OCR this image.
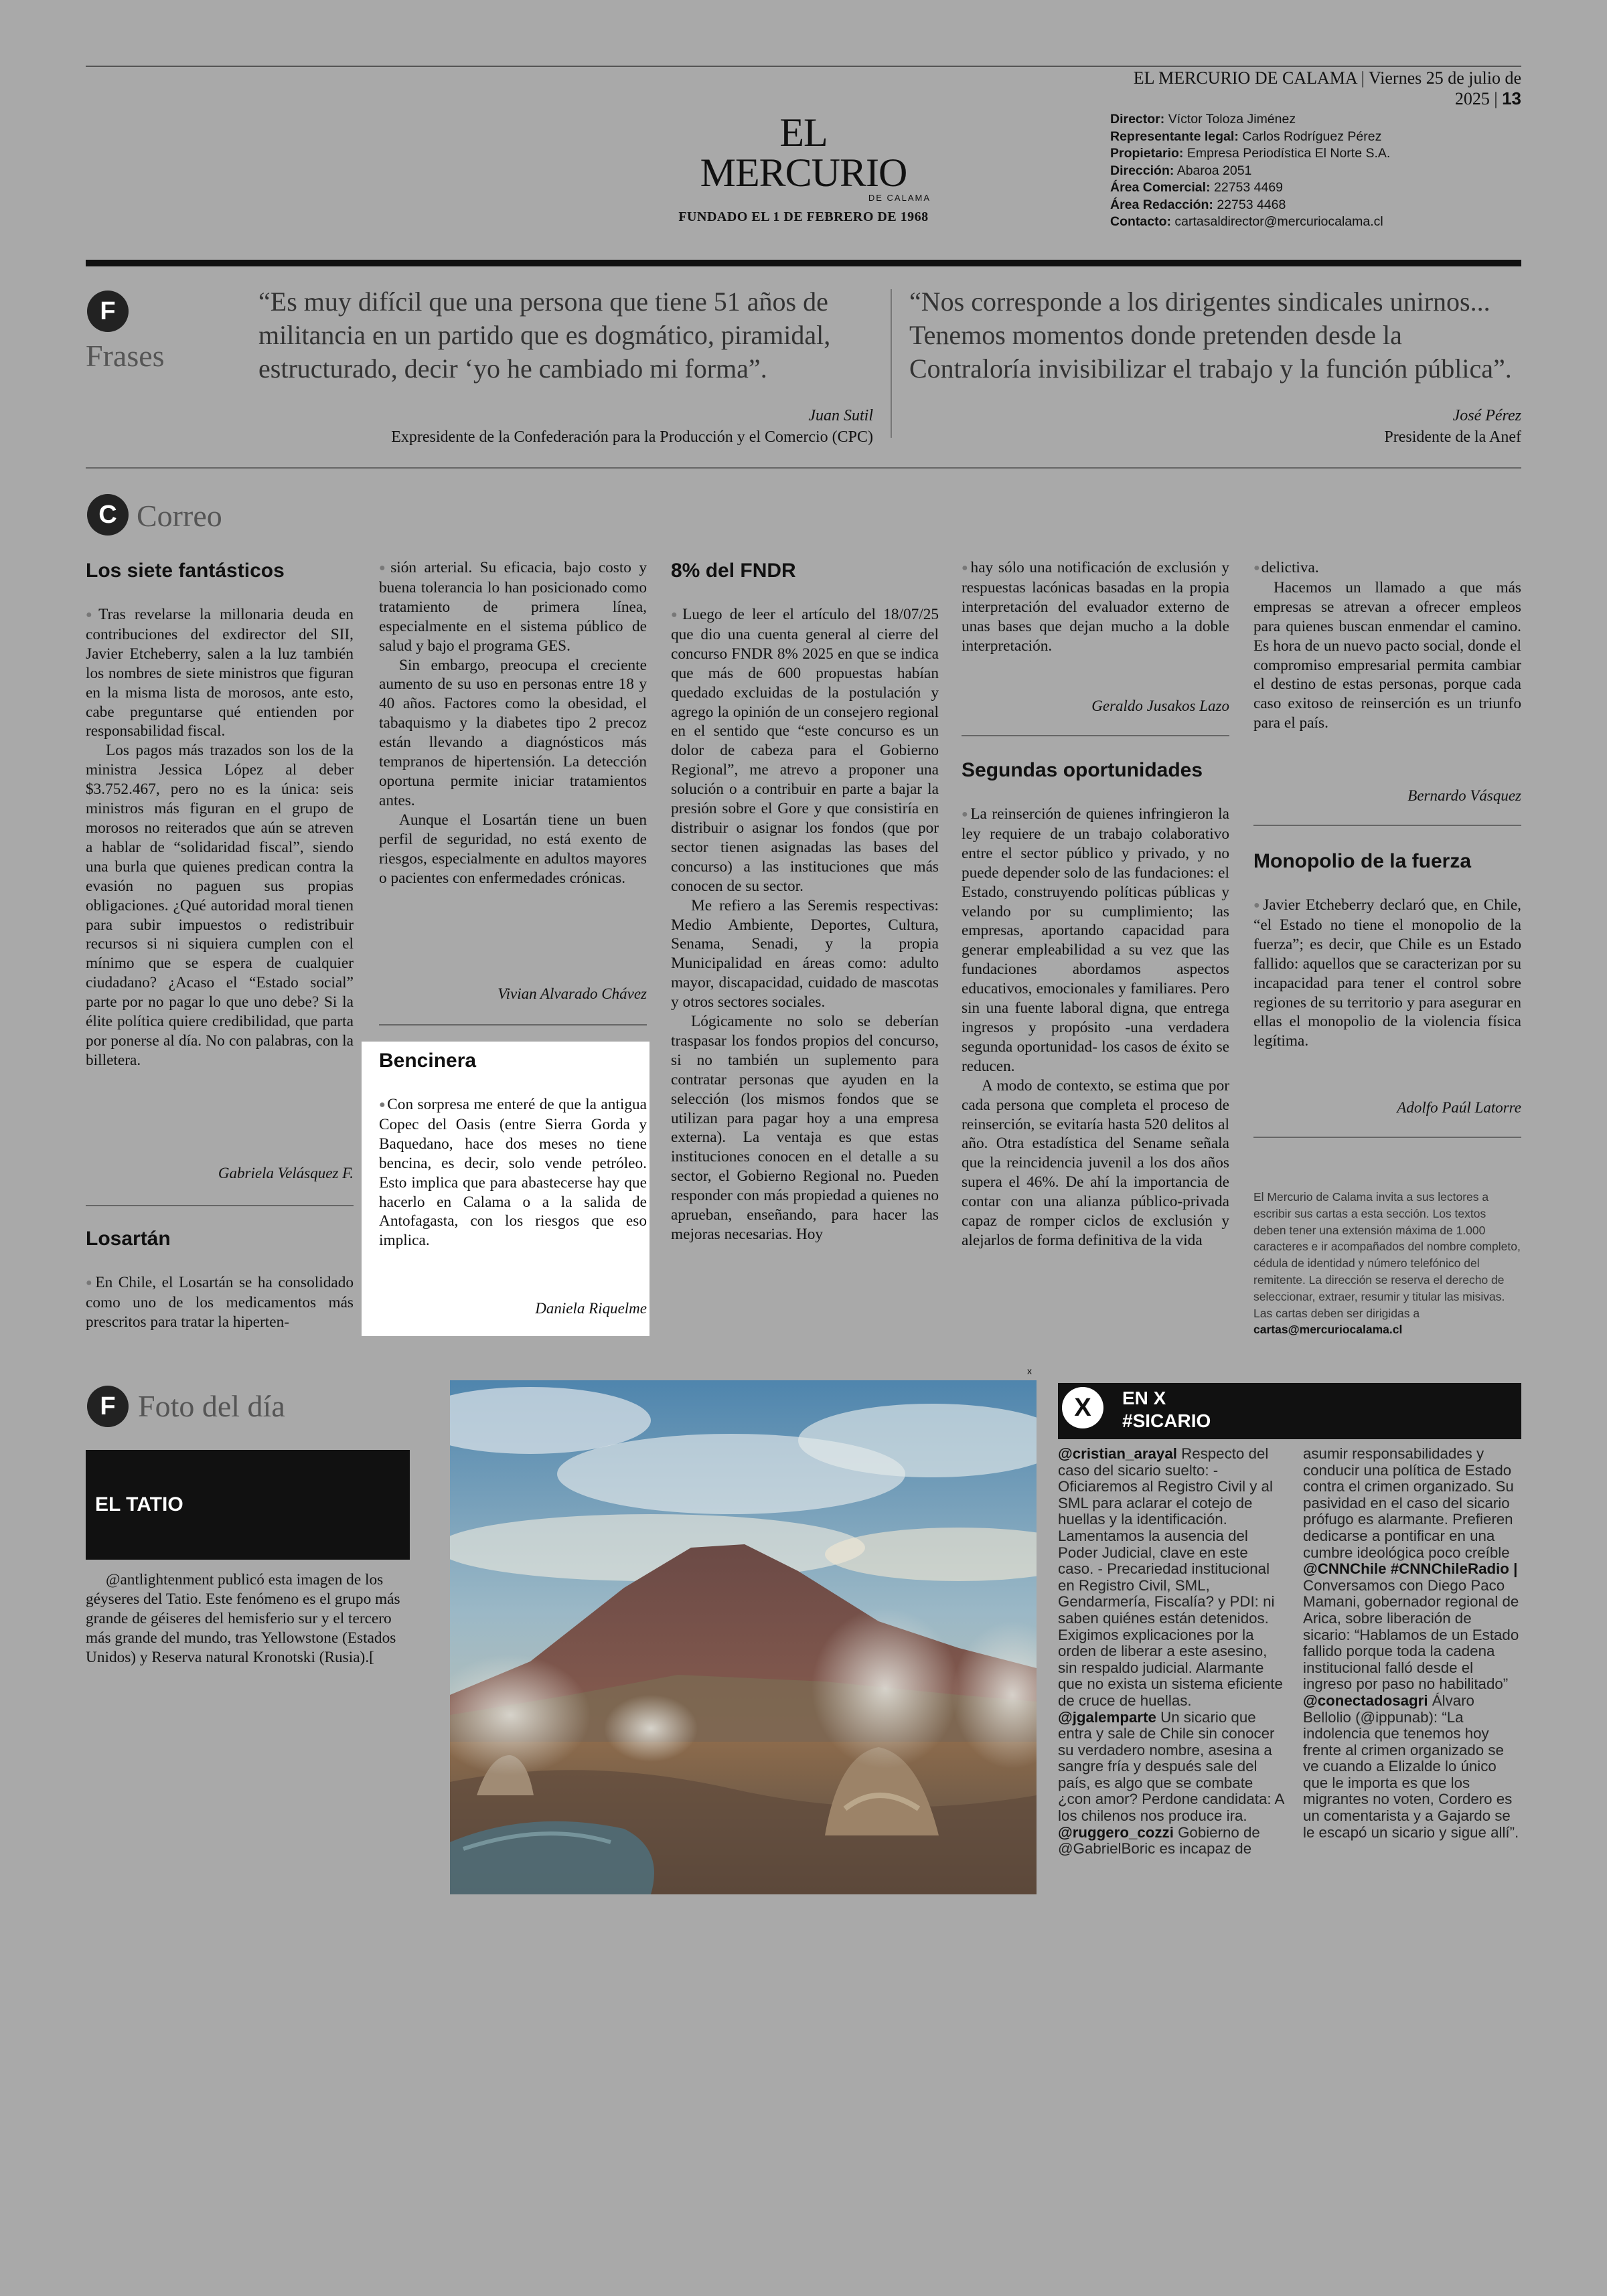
EL MERCURIO DE CALAMA | Viernes 25 de julio de 2025 | 13
EL MERCURIO
DE CALAMA
FUNDADO EL 1 DE FEBRERO DE 1968
Director: Víctor Toloza Jiménez
Representante legal: Carlos Rodríguez Pérez
Propietario: Empresa Periodística El Norte S.A.
Dirección: Abaroa 2051
Área Comercial: 22753 4469
Área Redacción: 22753 4468
Contacto: cartasaldirector@mercuriocalama.cl
F
Frases
“Es muy difícil que una persona que tiene 51 años de militancia en un partido que es dogmático, piramidal, estructurado, decir ‘yo he cambiado mi forma”.
Juan Sutil
Expresidente de la Confederación para la Producción y el Comercio (CPC)
“Nos corresponde a los dirigentes sindicales unirnos... Tenemos momentos donde pretenden desde la Contraloría invisibilizar el trabajo y la función pública”.
José Pérez
Presidente de la Anef
C Correo
Los siete fantásticos

● Tras revelarse la millonaria deuda en contribuciones del exdirector del SII, Javier Etcheberry, salen a la luz también los nombres de siete ministros que figuran en la misma lista de morosos, ante esto, cabe preguntarse qué entienden por responsabilidad fiscal.

Los pagos más trazados son los de la ministra Jessica López al deber $3.752.467, pero no es la única: seis ministros más figuran en el grupo de morosos no reiterados que aún se atreven a hablar de “solidaridad fiscal”, siendo una burla que quienes predican contra la evasión no paguen sus propias obligaciones. ¿Qué autoridad moral tienen para subir impuestos o redistribuir recursos si ni siquiera cumplen con el mínimo que se espera de cualquier ciudadano? ¿Acaso el “Estado social” parte por no pagar lo que uno debe? Si la élite política quiere credibilidad, que parta por ponerse al día. No con palabras, con la billetera.

Gabriela Velásquez F.
Losartán

● En Chile, el Losartán se ha consolidado como uno de los medicamentos más prescritos para tratar la hiperten-

● sión arterial. Su eficacia, bajo costo y buena tolerancia lo han posicionado como tratamiento de primera línea, especialmente en el sistema público de salud y bajo el programa GES.

Sin embargo, preocupa el creciente aumento de su uso en personas entre 18 y 40 años. Factores como la obesidad, el tabaquismo y la diabetes tipo 2 precoz están llevando a diagnósticos más tempranos de hipertensión. La detección oportuna permite iniciar tratamientos antes.

Aunque el Losartán tiene un buen perfil de seguridad, no está exento de riesgos, especialmente en adultos mayores o pacientes con enfermedades crónicas.

Vivian Alvarado Chávez
Bencinera

● Con sorpresa me enteré de que la antigua Copec del Oasis (entre Sierra Gorda y Baquedano, hace dos meses no tiene bencina, es decir, solo vende petróleo. Esto implica que para abastecerse hay que hacerlo en Calama o a la salida de Antofagasta, con los riesgos que eso implica.

Daniela Riquelme
8% del FNDR

● Luego de leer el artículo del 18/07/25 que dio una cuenta general al cierre del concurso FNDR 8% 2025 en que se indica que más de 600 propuestas habían quedado excluidas de la postulación y agrego la opinión de un consejero regional en el sentido que “este concurso es un dolor de cabeza para el Gobierno Regional”, me atrevo a proponer una solución o a contribuir en parte a bajar la presión sobre el Gore y que consistiría en distribuir o asignar los fondos (que por sector tienen asignadas las bases del concurso) a las instituciones que más conocen de su sector.

Me refiero a las Seremis respectivas: Medio Ambiente, Deportes, Cultura, Senama, Senadi, y la propia Municipalidad en áreas como: adulto mayor, discapacidad, cuidado de mascotas y otros sectores sociales.

Lógicamente no solo se deberían traspasar los fondos propios del concurso, si no también un suplemento para contratar personas que ayuden en la selección (los mismos fondos que se utilizan para pagar hoy a una empresa externa). La ventaja es que estas instituciones conocen en el detalle a su sector, el Gobierno Regional no. Pueden responder con más propiedad a quienes no aprueban, enseñando, para hacer las mejoras necesarias. Hoy

● hay sólo una notificación de exclusión y respuestas lacónicas basadas en la propia interpretación del evaluador externo de unas bases que dejan mucho a la doble interpretación.

Geraldo Jusakos Lazo
Segundas oportunidades

● La reinserción de quienes infringieron la ley requiere de un trabajo colaborativo entre el sector público y privado, y no puede depender solo de las fundaciones: el Estado, construyendo políticas públicas y velando por su cumplimiento; las empresas, aportando capacidad para generar empleabilidad a su vez que las fundaciones abordamos aspectos educativos, emocionales y familiares. Pero sin una fuente laboral digna, que entrega ingresos y propósito -una verdadera segunda oportunidad- los casos de éxito se reducen.

A modo de contexto, se estima que por cada persona que completa el proceso de reinserción, se evitaría hasta 520 delitos al año. Otra estadística del Sename señala que la reincidencia juvenil a los dos años supera el 46%. De ahí la importancia de contar con una alianza público-privada capaz de romper ciclos de exclusión y alejarlos de forma definitiva de la vida

● delictiva.

Hacemos un llamado a que más empresas se atrevan a ofrecer empleos para quienes buscan enmendar el camino. Es hora de un nuevo pacto social, donde el compromiso empresarial permita cambiar el destino de estas personas, porque cada caso exitoso de reinserción es un triunfo para el país.

Bernardo Vásquez
Monopolio de la fuerza

● Javier Etcheberry declaró que, en Chile, “el Estado no tiene el monopolio de la fuerza”; es decir, que Chile es un Estado fallido: aquellos que se caracterizan por su incapacidad para tener el control sobre regiones de su territorio y para asegurar en ellas el monopolio de la violencia física legítima.

Adolfo Paúl Latorre
El Mercurio de Calama invita a sus lectores a escribir sus cartas a esta sección. Los textos deben tener una extensión máxima de 1.000 caracteres e ir acompañados del nombre completo, cédula de identidad y número telefónico del remitente. La dirección se reserva el derecho de seleccionar, extraer, resumir y titular las misivas. Las cartas deben ser dirigidas a cartas@mercuriocalama.cl
F Foto del día
EL TATIO

@antlightenment publicó esta imagen de los géyseres del Tatio. Este fenómeno es el grupo más grande de géiseres del hemisferio sur y el tercero más grande del mundo, tras Yellowstone (Estados Unidos) y Reserva natural Kronotski (Rusia).[

x
X	EN X
#SICARIO

@cristian_arayal Respecto del caso del sicario suelto: - Oficiaremos al Registro Civil y al SML para aclarar el cotejo de huellas y la identificación. Lamentamos la ausencia del Poder Judicial, clave en este caso. - Precariedad institucional en Registro Civil, SML, Gendarmería, Fiscalía? y PDI: ni saben quiénes están detenidos. Exigimos explicaciones por la orden de liberar a este asesino, sin respaldo judicial. Alarmante que no exista un sistema eficiente de cruce de huellas.

@jgalemparte Un sicario que entra y sale de Chile sin conocer su verdadero nombre, asesina a sangre fría y después sale del país, es algo que se combate ¿con amor? Perdone candidata: A los chilenos nos produce ira.

@ruggero_cozzi Gobierno de @GabrielBoric es incapaz de

asumir responsabilidades y conducir una política de Estado contra el crimen organizado. Su pasividad en el caso del sicario prófugo es alarmante. Prefieren dedicarse a pontificar en una cumbre ideológica poco creíble

@CNNChile #CNNChileRadio | Conversamos con Diego Paco Mamani, gobernador regional de Arica, sobre liberación de sicario: “Hablamos de un Estado fallido porque toda la cadena institucional falló desde el ingreso por paso no habilitado”

@conectadosagri Álvaro Bellolio (@ippunab): “La indolencia que tenemos hoy frente al crimen organizado se ve cuando a Elizalde lo único que le importa es que los migrantes no voten, Cordero es un comentarista y a Gajardo se le escapó un sicario y sigue allí”.
